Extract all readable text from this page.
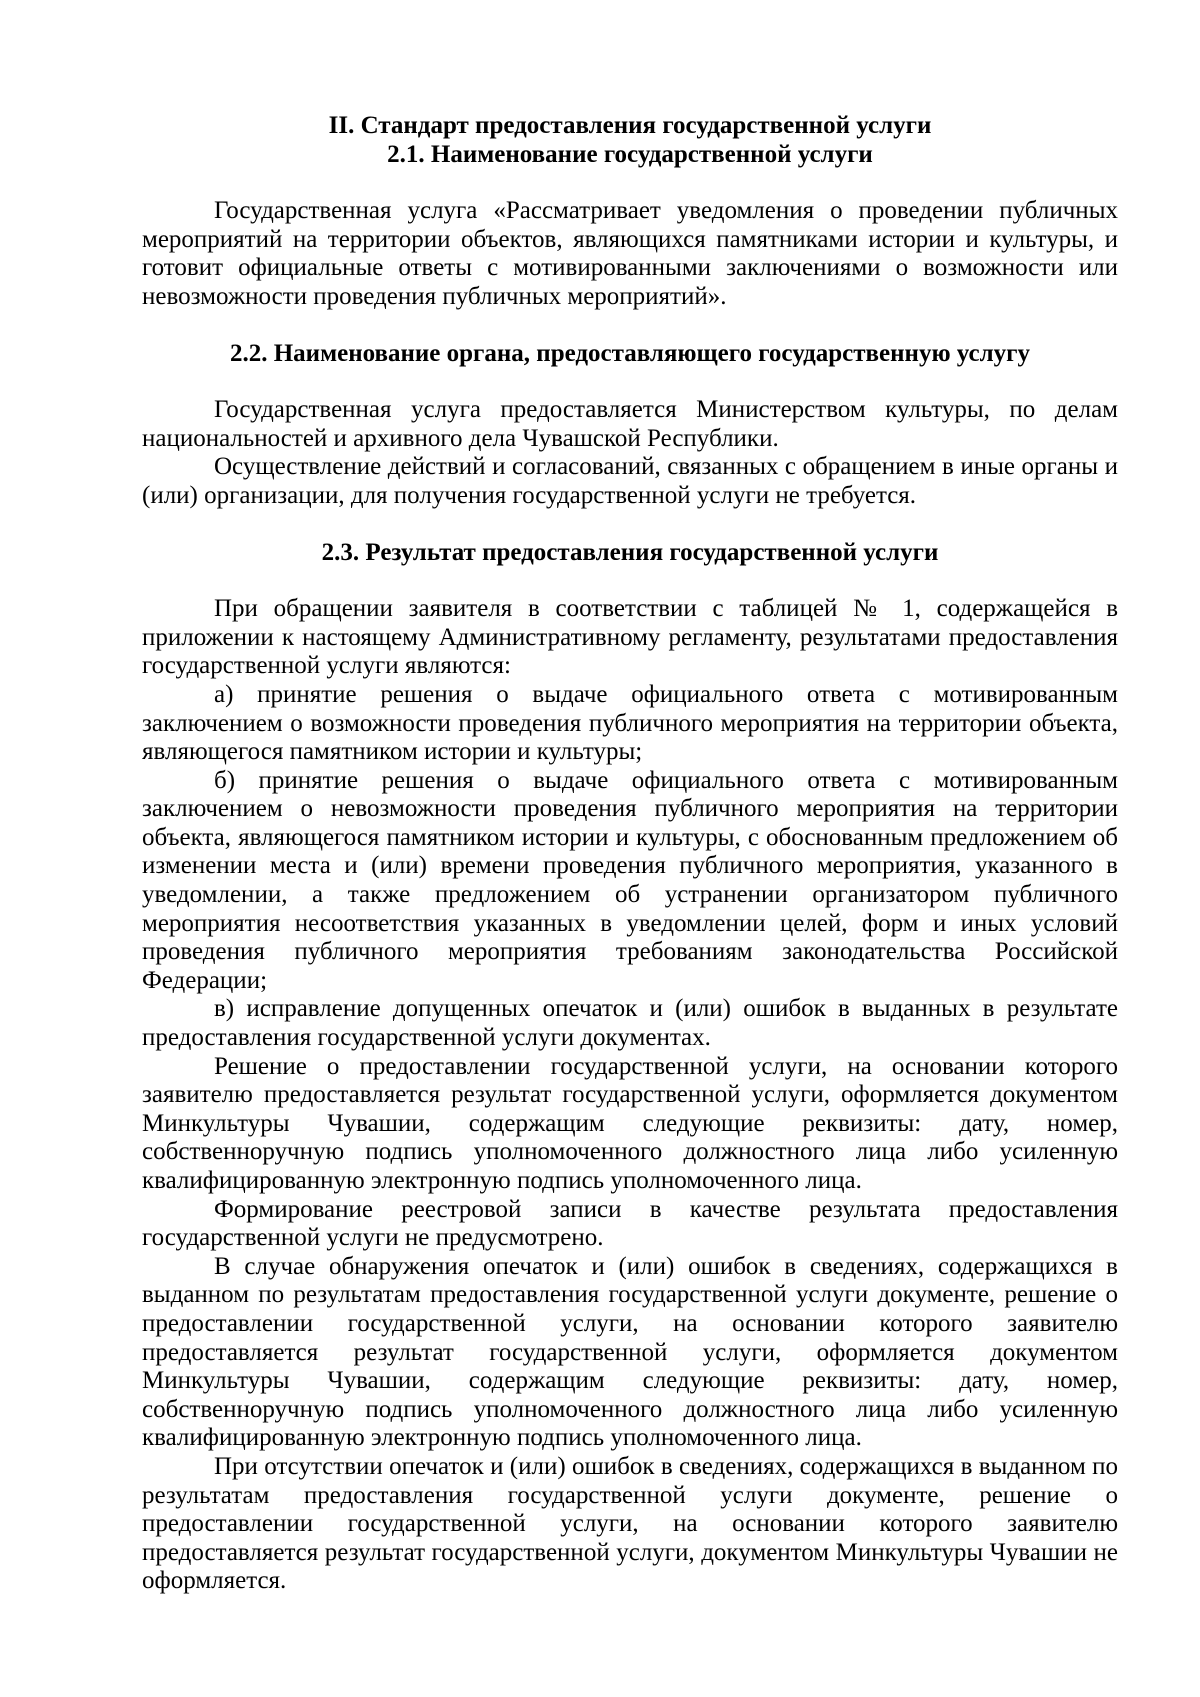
II. Стандарт предоставления государственной услуги

2.1. Наименование государственной услуги

Государственная услуга «Рассматривает уведомления о проведении публичных мероприятий на территории объектов, являющихся памятниками истории и культуры, и готовит официальные ответы с мотивированными заключениями о возможности или невозможности проведения публичных мероприятий».

2.2. Наименование органа, предоставляющего государственную услугу

Государственная услуга предоставляется Министерством культуры, по делам национальностей и архивного дела Чувашской Республики.

Осуществление действий и согласований, связанных с обращением в иные органы и (или) организации, для получения государственной услуги не требуется.

2.3. Результат предоставления государственной услуги

При обращении заявителя в соответствии с таблицей № 1, содержащейся в приложении к настоящему Административному регламенту, результатами предоставления государственной услуги являются:

а) принятие решения о выдаче официального ответа с мотивированным заключением о возможности проведения публичного мероприятия на территории объекта, являющегося памятником истории и культуры;

б) принятие решения о выдаче официального ответа с мотивированным заключением о невозможности проведения публичного мероприятия на территории объекта, являющегося памятником истории и культуры, с обоснованным предложением об изменении места и (или) времени проведения публичного мероприятия, указанного в уведомлении, а также предложением об устранении организатором публичного мероприятия несоответствия указанных в уведомлении целей, форм и иных условий проведения публичного мероприятия требованиям законодательства Российской Федерации;

в) исправление допущенных опечаток и (или) ошибок в выданных в результате предоставления государственной услуги документах.

Решение о предоставлении государственной услуги, на основании которого заявителю предоставляется результат государственной услуги, оформляется документом Минкультуры Чувашии, содержащим следующие реквизиты: дату, номер, собственноручную подпись уполномоченного должностного лица либо усиленную квалифицированную электронную подпись уполномоченного лица.

Формирование реестровой записи в качестве результата предоставления государственной услуги не предусмотрено.

В случае обнаружения опечаток и (или) ошибок в сведениях, содержащихся в выданном по результатам предоставления государственной услуги документе, решение о предоставлении государственной услуги, на основании которого заявителю предоставляется результат государственной услуги, оформляется документом Минкультуры Чувашии, содержащим следующие реквизиты: дату, номер, собственноручную подпись уполномоченного должностного лица либо усиленную квалифицированную электронную подпись уполномоченного лица.

При отсутствии опечаток и (или) ошибок в сведениях, содержащихся в выданном по результатам предоставления государственной услуги документе, решение о предоставлении государственной услуги, на основании которого заявителю предоставляется результат государственной услуги, документом Минкультуры Чувашии не оформляется.
